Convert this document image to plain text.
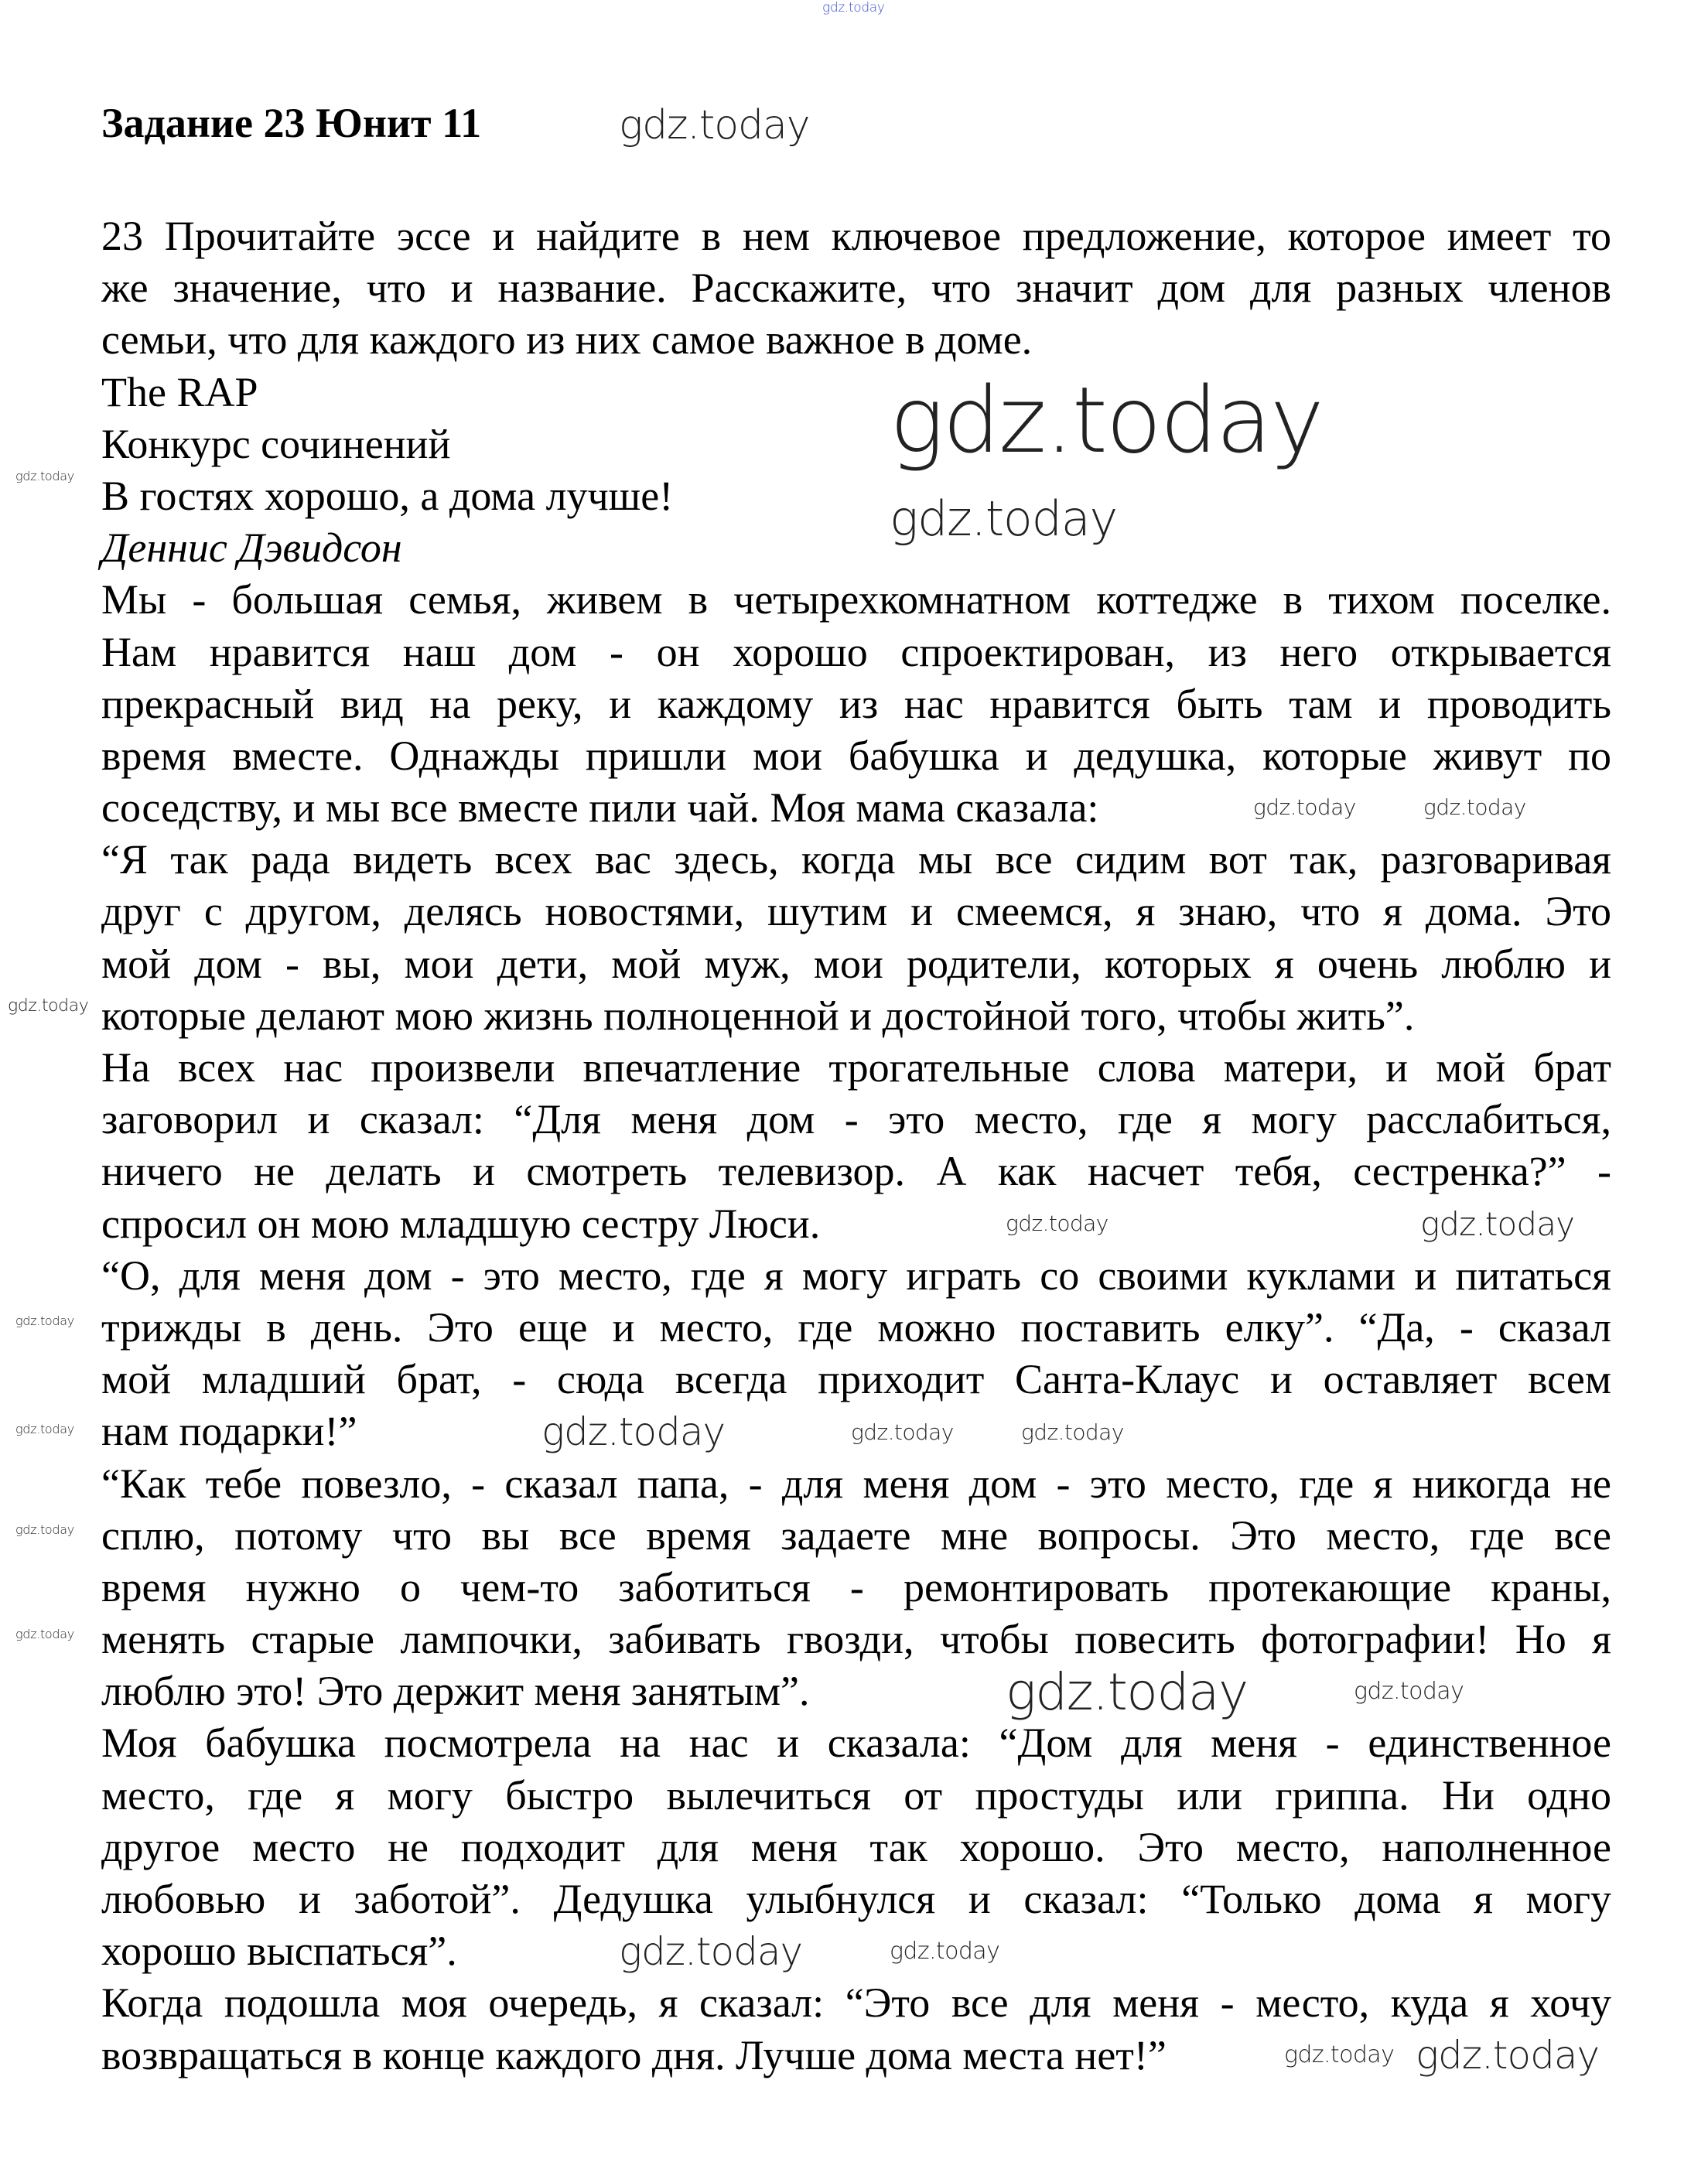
Задание 23 Юнит 11
23 Прочитайте эссе и найдите в нем ключевое предложение, которое имеет то
же значение, что и название. Расскажите, что значит дом для разных членов
семьи, что для каждого из них самое важное в доме.
The RAP
Конкурс сочинений
В гостях хорошо, а дома лучше!
Деннис Дэвидсон
Мы - большая семья, живем в четырехкомнатном коттедже в тихом поселке.
Нам нравится наш дом - он хорошо спроектирован, из него открывается
прекрасный вид на реку, и каждому из нас нравится быть там и проводить
время вместе. Однажды пришли мои бабушка и дедушка, которые живут по
соседству, и мы все вместе пили чай. Моя мама сказала:
“Я так рада видеть всех вас здесь, когда мы все сидим вот так, разговаривая
друг с другом, делясь новостями, шутим и смеемся, я знаю, что я дома. Это
мой дом - вы, мои дети, мой муж, мои родители, которых я очень люблю и
которые делают мою жизнь полноценной и достойной того, чтобы жить”.
На всех нас произвели впечатление трогательные слова матери, и мой брат
заговорил и сказал: “Для меня дом - это место, где я могу расслабиться,
ничего не делать и смотреть телевизор. А как насчет тебя, сестренка?” -
спросил он мою младшую сестру Люси.
“О, для меня дом - это место, где я могу играть со своими куклами и питаться
трижды в день. Это еще и место, где можно поставить елку”. “Да, - сказал
мой младший брат, - сюда всегда приходит Санта-Клаус и оставляет всем
нам подарки!”
“Как тебе повезло, - сказал папа, - для меня дом - это место, где я никогда не
сплю, потому что вы все время задаете мне вопросы. Это место, где все
время нужно о чем-то заботиться - ремонтировать протекающие краны,
менять старые лампочки, забивать гвозди, чтобы повесить фотографии! Но я
люблю это! Это держит меня занятым”.
Моя бабушка посмотрела на нас и сказала: “Дом для меня - единственное
место, где я могу быстро вылечиться от простуды или гриппа. Ни одно
другое место не подходит для меня так хорошо. Это место, наполненное
любовью и заботой”. Дедушка улыбнулся и сказал: “Только дома я могу
хорошо выспаться”.
Когда подошла моя очередь, я сказал: “Это все для меня - место, куда я хочу
возвращаться в конце каждого дня. Лучше дома места нет!”
gdz.today
gdz.today
gdz.today
gdz.today
gdz.today
gdz.today	gdz.today
gdz.today
gdz.today	gdz.today
gdz.today
gdz.today	gdz.today	gdz.today
gdz.today
gdz.today
gdz.today
gdz.today	gdz.today
gdz.today	gdz.today
gdz.today gdz.today
